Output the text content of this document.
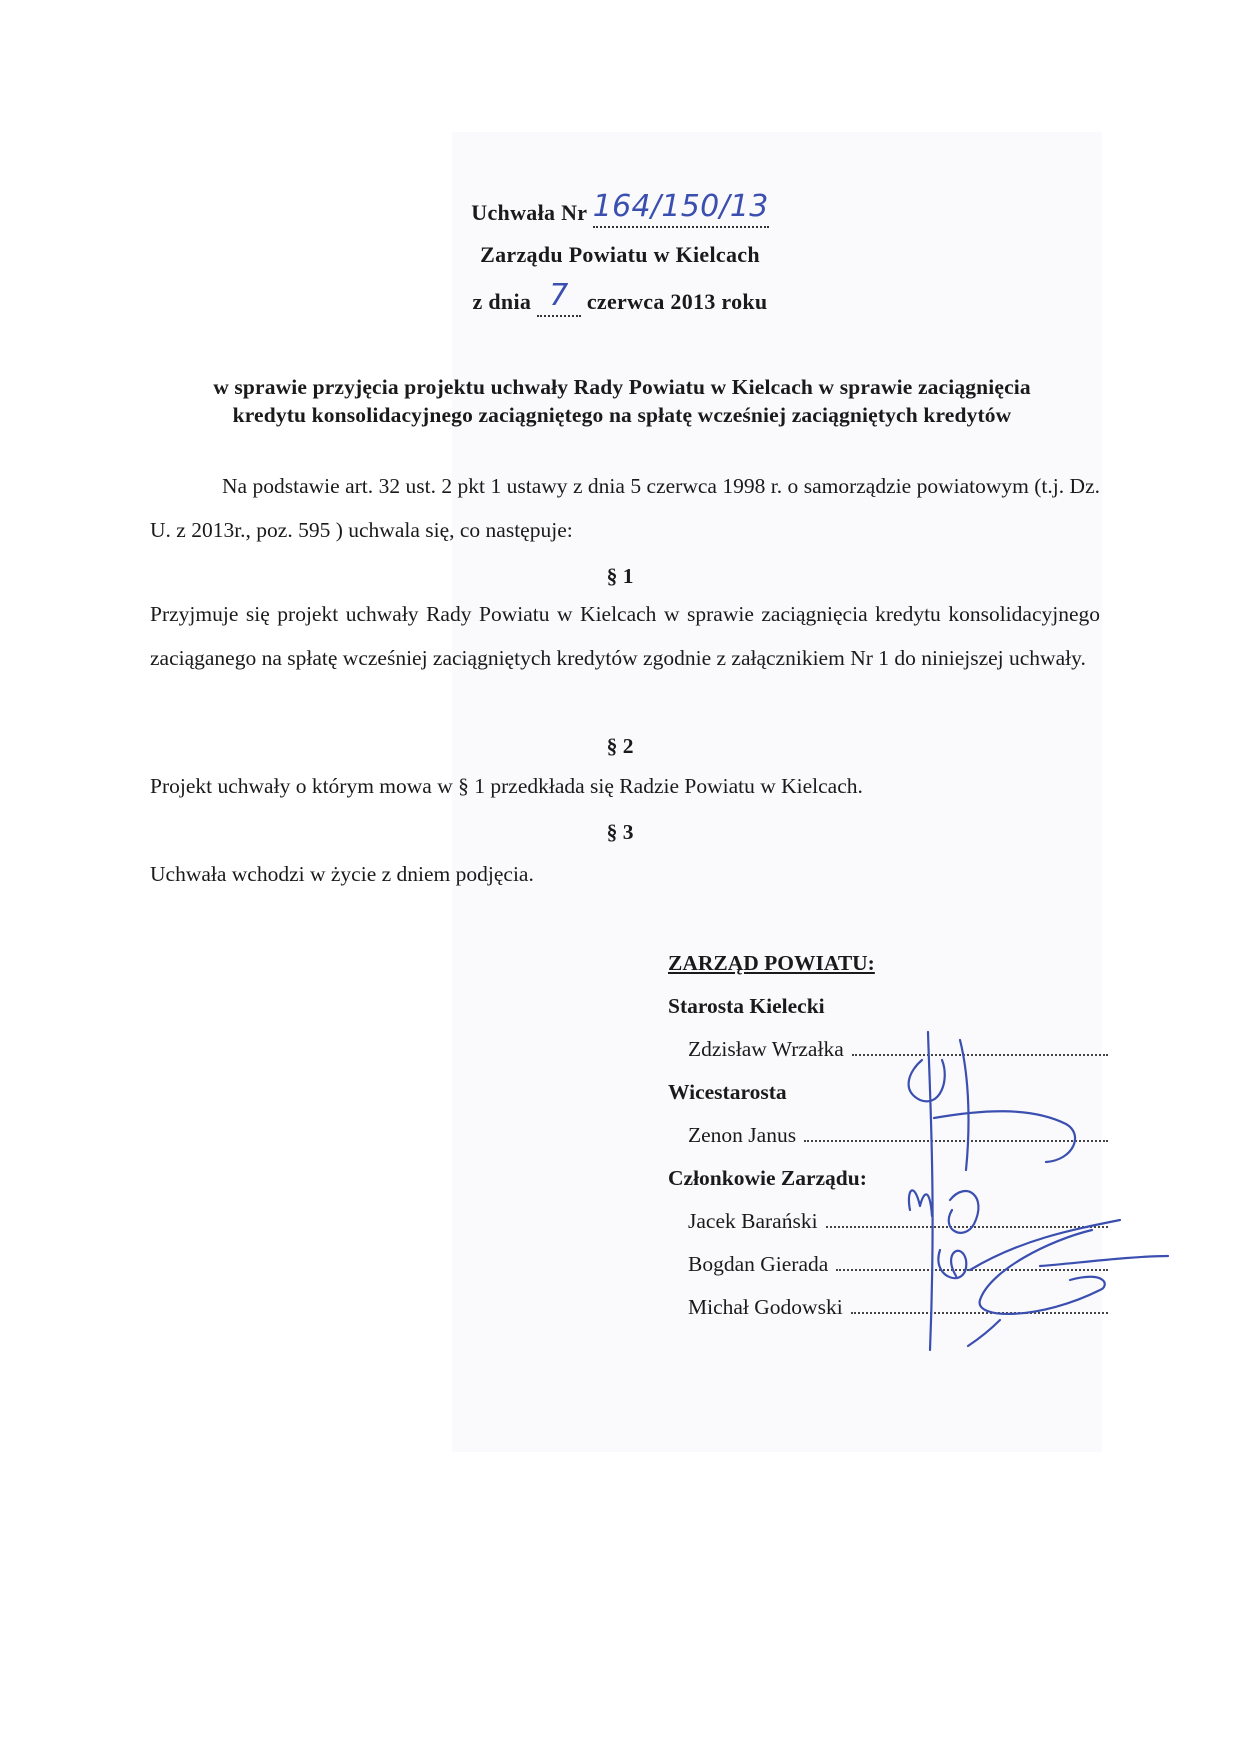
Uchwała Nr 164/150/13
Zarządu Powiatu w Kielcach
z dnia 7 czerwca 2013 roku
w sprawie przyjęcia projektu uchwały Rady Powiatu w Kielcach w sprawie zaciągnięcia
kredytu konsolidacyjnego zaciągniętego na spłatę wcześniej zaciągniętych kredytów
Na podstawie art. 32 ust. 2 pkt 1 ustawy z dnia 5 czerwca 1998 r. o samorządzie powiatowym (t.j. Dz. U. z 2013r., poz. 595 ) uchwala się, co następuje:
§ 1
Przyjmuje się projekt uchwały Rady Powiatu w Kielcach w sprawie zaciągnięcia kredytu konsolidacyjnego zaciąganego na spłatę wcześniej zaciągniętych kredytów zgodnie z załącznikiem Nr 1 do niniejszej uchwały.
§ 2
Projekt uchwały o którym mowa w § 1 przedkłada się Radzie Powiatu w Kielcach.
§ 3
Uchwała wchodzi w życie z dniem podjęcia.
ZARZĄD POWIATU:
Starosta Kielecki
Zdzisław Wrzałka
Wicestarosta
Zenon Janus
Członkowie Zarządu:
Jacek Barański
Bogdan Gierada
Michał Godowski
